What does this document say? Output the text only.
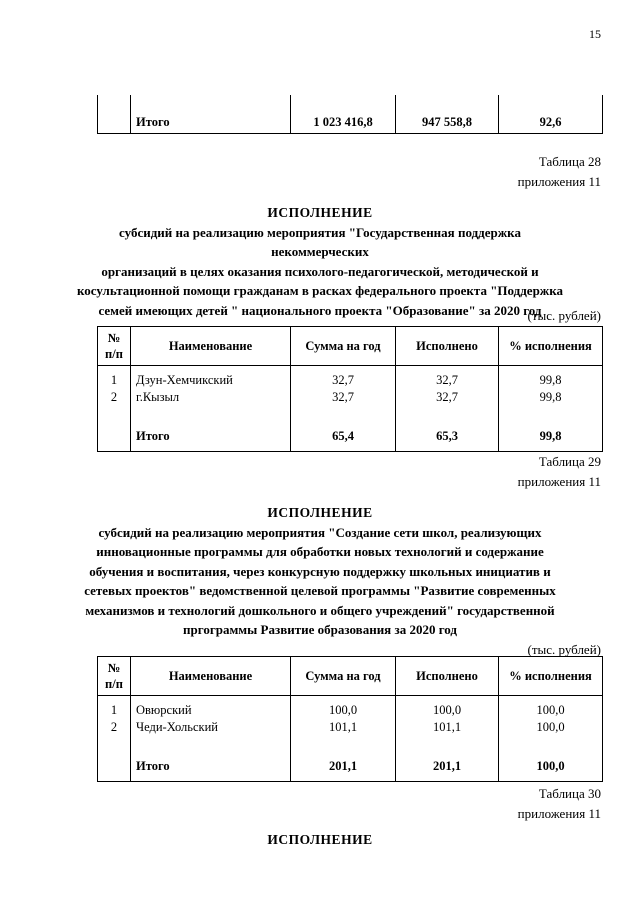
15
	Итого	1 023 416,8	947 558,8	92,6
Таблица 28
приложения 11
ИСПОЛНЕНИЕ
субсидий на реализацию мероприятия "Государственная поддержка некоммерческих
организаций в целях оказания психолого-педагогической, методической и
косультационной помощи гражданам в расках федерального проекта "Поддержка
семей имеющих детей " национального проекта "Образование" за 2020 год
(тыс. рублей)
№
п/п	Наименование	Сумма на год	Исполнено	% исполнения
1	Дзун-Хемчикский	32,7	32,7	99,8
2	г.Кызыл	32,7	32,7	99,8
	Итого	65,4	65,3	99,8
Таблица 29
приложения 11
ИСПОЛНЕНИЕ
субсидий на реализацию мероприятия "Создание сети школ, реализующих
инновационные программы для обработки новых технологий и содержание
обучения и воспитания, через конкурсную поддержку школьных инициатив и
сетевых проектов" ведомственной целевой программы "Развитие современных
механизмов и технологий дошкольного и общего учреждений" государственной
пргограммы Развитие образования за 2020 год
(тыс. рублей)
№
п/п	Наименование	Сумма на год	Исполнено	% исполнения
1	Овюрский	100,0	100,0	100,0
2	Чеди-Хольский	101,1	101,1	100,0
	Итого	201,1	201,1	100,0
Таблица 30
приложения 11
ИСПОЛНЕНИЕ
